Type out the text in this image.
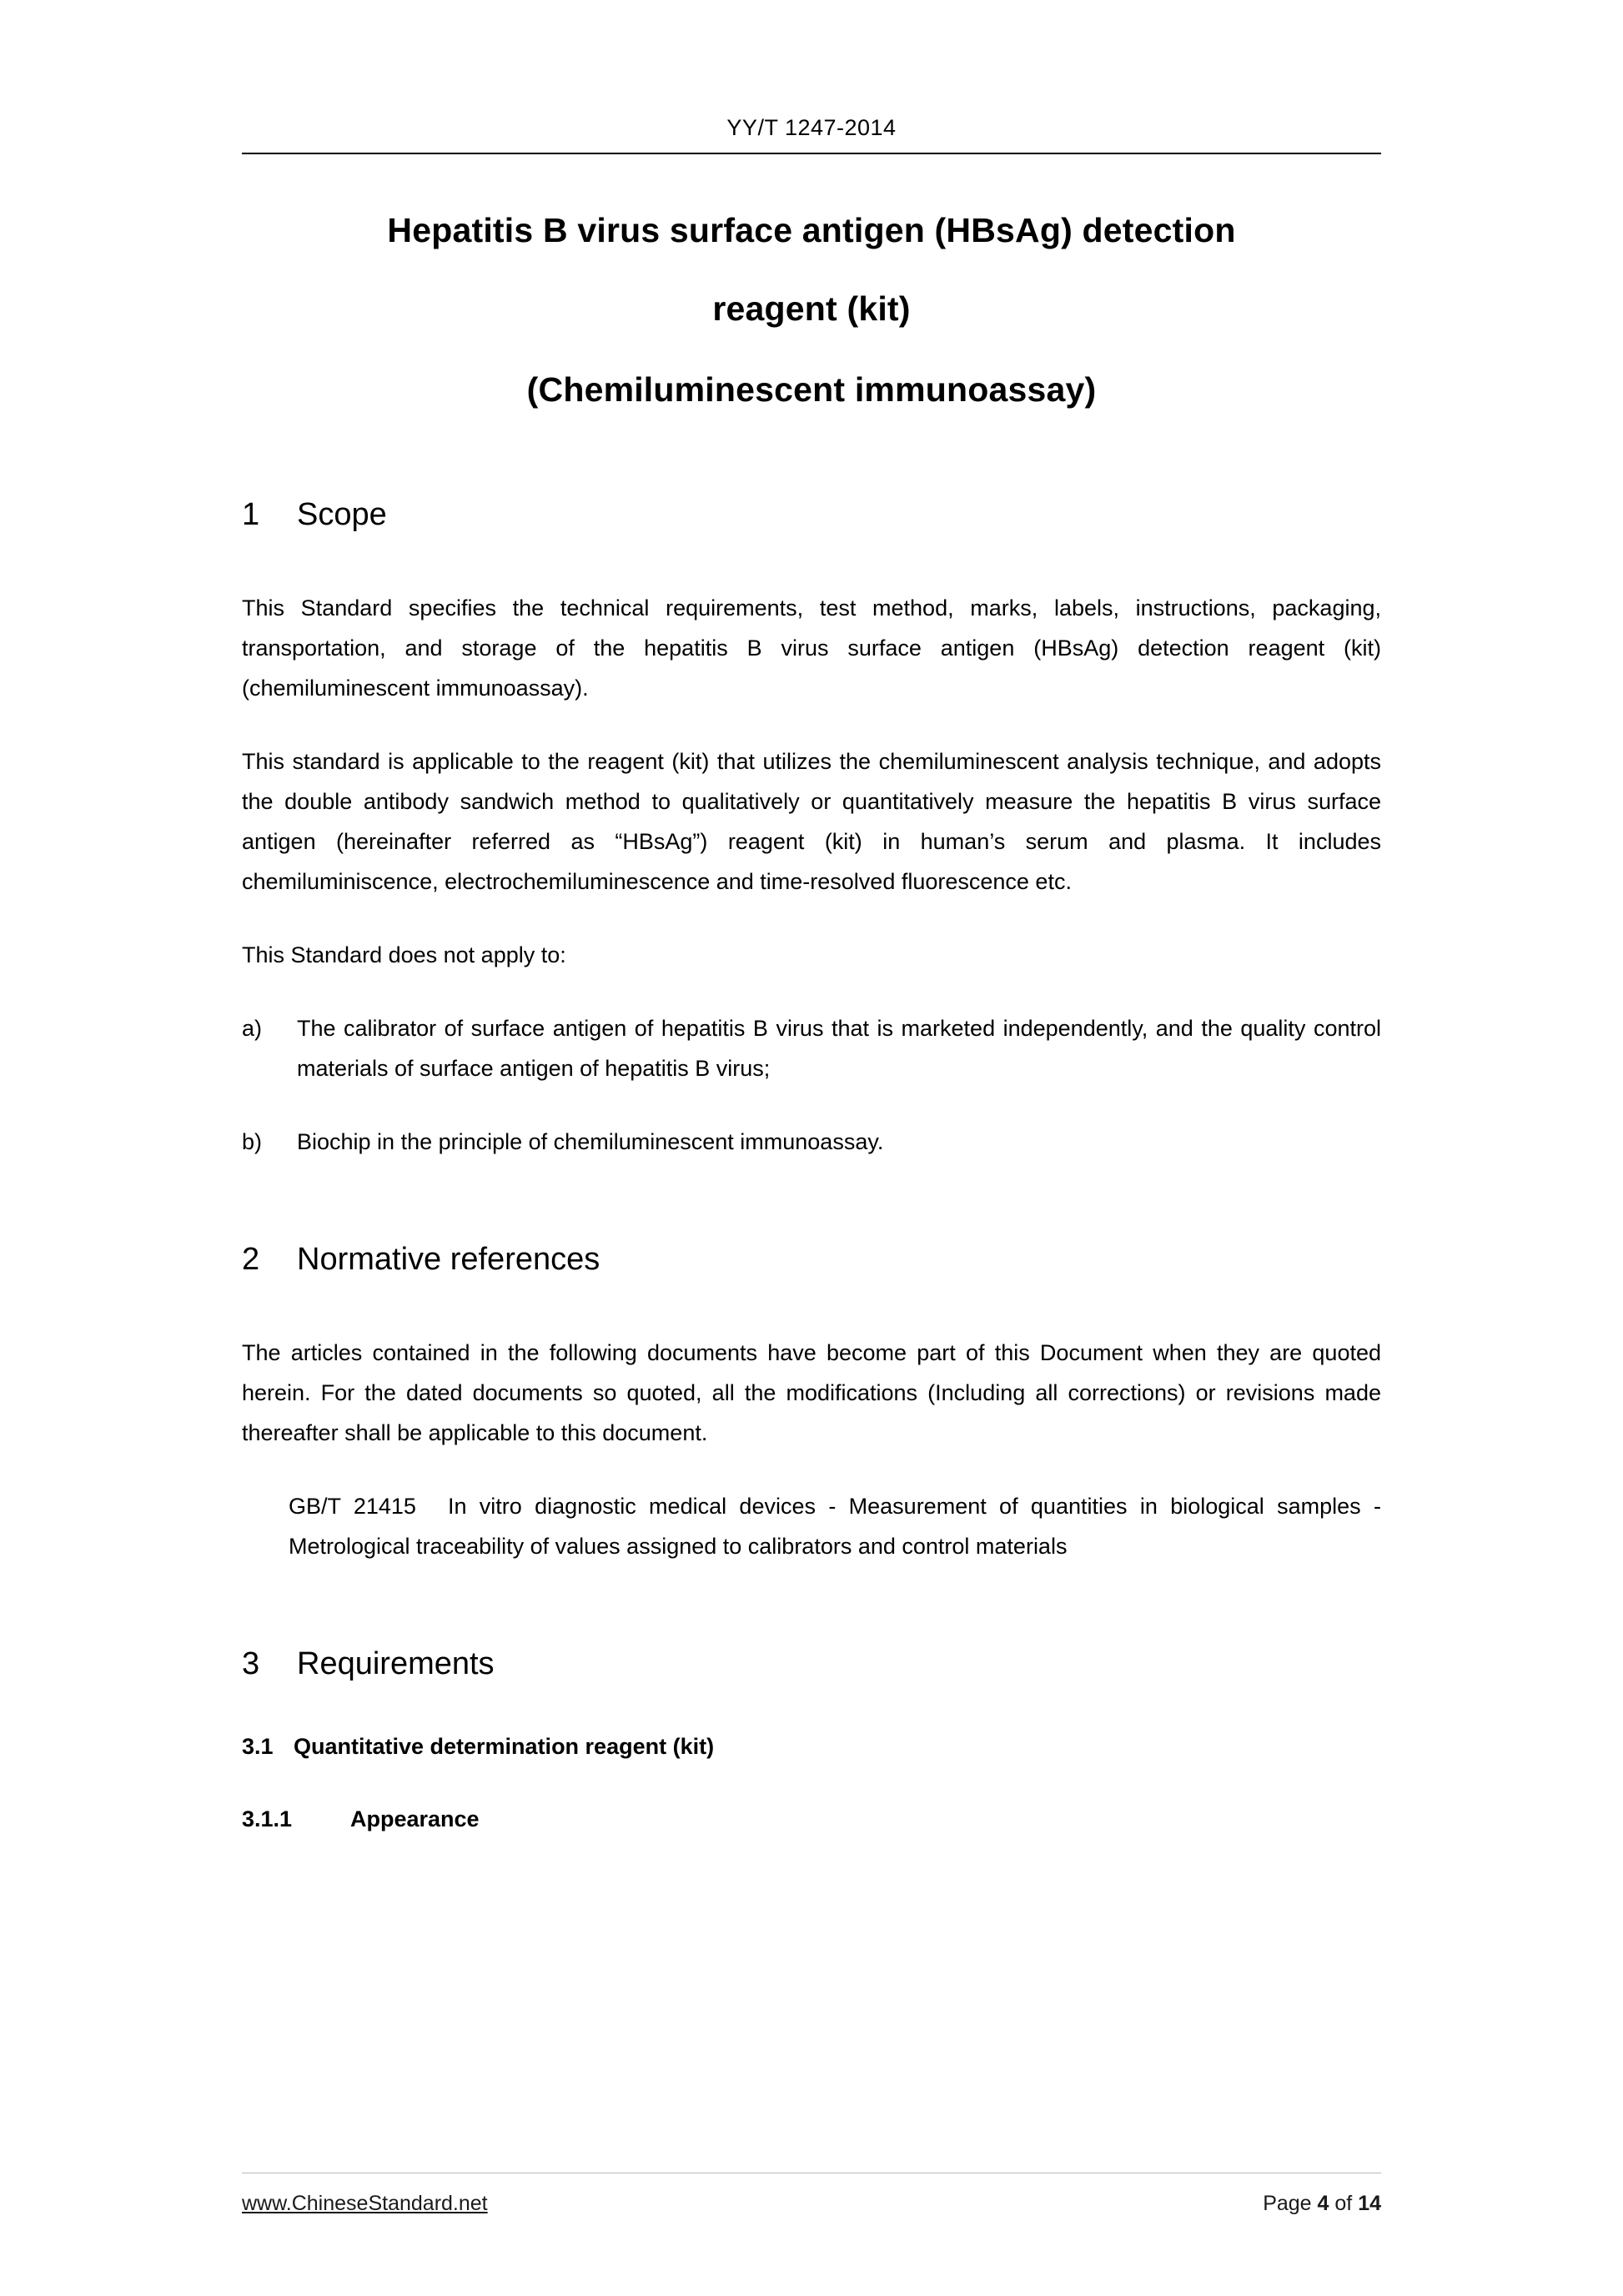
YY/T 1247-2014
Hepatitis B virus surface antigen (HBsAg) detection
reagent (kit)
(Chemiluminescent immunoassay)
1	Scope

This Standard specifies the technical requirements, test method, marks, labels, instructions, packaging, transportation, and storage of the hepatitis B virus surface antigen (HBsAg) detection reagent (kit) (chemiluminescent immunoassay).

This standard is applicable to the reagent (kit) that utilizes the chemiluminescent analysis technique, and adopts the double antibody sandwich method to qualitatively or quantitatively measure the hepatitis B virus surface antigen (hereinafter referred as “HBsAg”) reagent (kit) in human’s serum and plasma. It includes chemiluminiscence, electrochemiluminescence and time-resolved fluorescence etc.

This Standard does not apply to:

a)	The calibrator of surface antigen of hepatitis B virus that is marketed independently, and the quality control materials of surface antigen of hepatitis B virus;
b)	Biochip in the principle of chemiluminescent immunoassay.
2	Normative references

The articles contained in the following documents have become part of this Document when they are quoted herein. For the dated documents so quoted, all the modifications (Including all corrections) or revisions made thereafter shall be applicable to this document.

GB/T 21415 In vitro diagnostic medical devices - Measurement of quantities in biological samples - Metrological traceability of values assigned to calibrators and control materials
3	Requirements
3.1 Quantitative determination reagent (kit)
3.1.1	Appearance
www.ChineseStandard.net	Page 4 of 14
